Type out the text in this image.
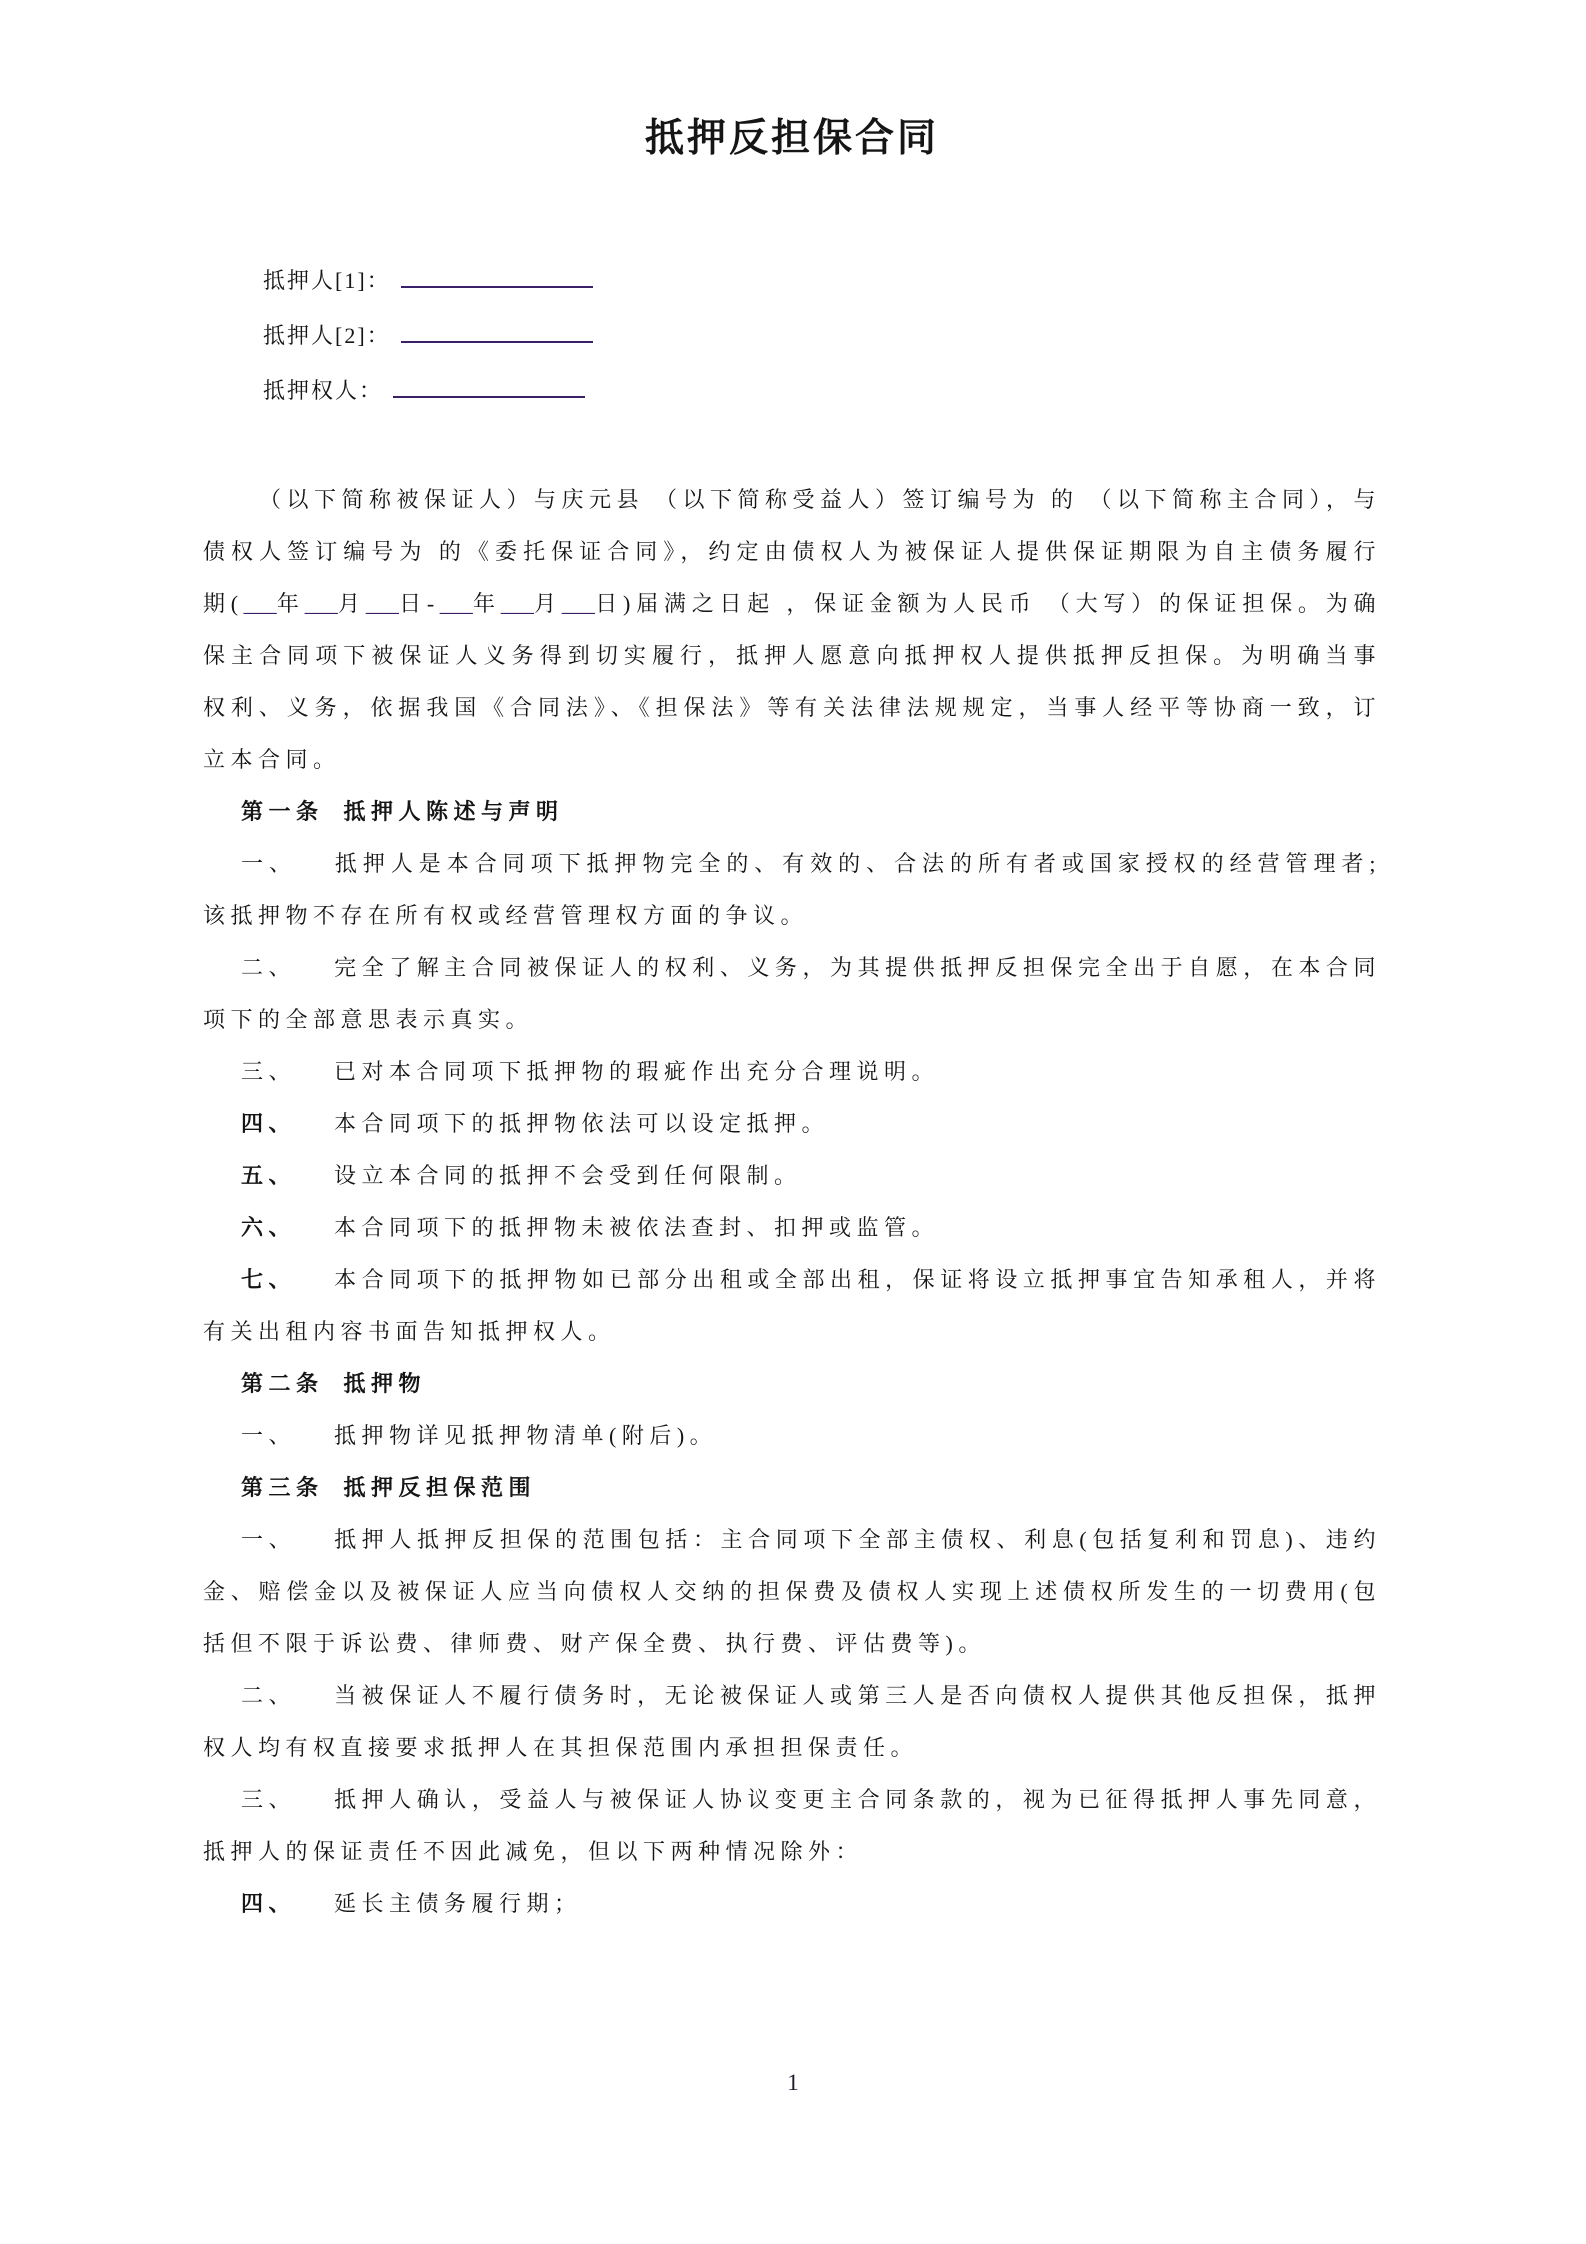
抵押反担保合同
抵押人[1]：
抵押人[2]：
抵押权人：

（以下简称被保证人）与庆元县 （以下简称受益人）签订编号为 的 （以下简称主合同），与债权人签订编号为 的《委托保证合同》，约定由债权人为被保证人提供保证期限为自主债务履行期(___年___月___日-___年___月___日)届满之日起 ，保证金额为人民币 （大写）的保证担保。为确保主合同项下被保证人义务得到切实履行，抵押人愿意向抵押权人提供抵押反担保。为明确当事权利、义务，依据我国《合同法》、《担保法》等有关法律法规规定，当事人经平等协商一致，订立本合同。

第一条 抵押人陈述与声明

一、 抵押人是本合同项下抵押物完全的、有效的、合法的所有者或国家授权的经营管理者;该抵押物不存在所有权或经营管理权方面的争议。

二、 完全了解主合同被保证人的权利、义务，为其提供抵押反担保完全出于自愿，在本合同项下的全部意思表示真实。

三、 已对本合同项下抵押物的瑕疵作出充分合理说明。

四、 本合同项下的抵押物依法可以设定抵押。

五、 设立本合同的抵押不会受到任何限制。

六、 本合同项下的抵押物未被依法查封、扣押或监管。

七、 本合同项下的抵押物如已部分出租或全部出租，保证将设立抵押事宜告知承租人，并将有关出租内容书面告知抵押权人。

第二条 抵押物

一、 抵押物详见抵押物清单(附后)。

第三条 抵押反担保范围

一、 抵押人抵押反担保的范围包括：主合同项下全部主债权、利息(包括复利和罚息)、违约金、赔偿金以及被保证人应当向债权人交纳的担保费及债权人实现上述债权所发生的一切费用(包括但不限于诉讼费、律师费、财产保全费、执行费、评估费等)。

二、 当被保证人不履行债务时，无论被保证人或第三人是否向债权人提供其他反担保，抵押权人均有权直接要求抵押人在其担保范围内承担担保责任。

三、 抵押人确认，受益人与被保证人协议变更主合同条款的，视为已征得抵押人事先同意，抵押人的保证责任不因此减免，但以下两种情况除外：

四、 延长主债务履行期；

1
